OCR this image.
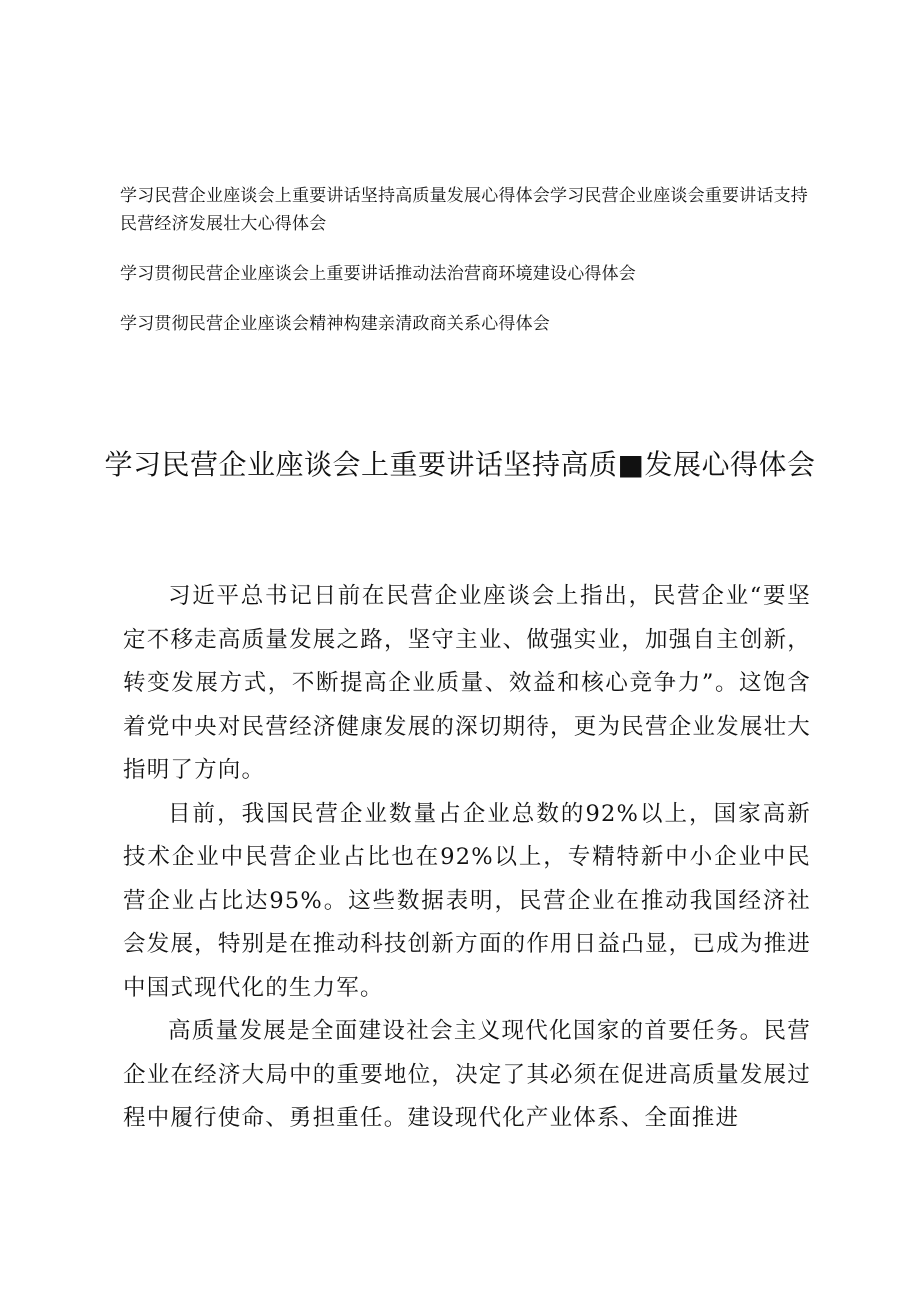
学习民营企业座谈会上重要讲话坚持高质量发展心得体会学习民营企业座谈会重要讲话支持民营经济发展壮大心得体会
学习贯彻民营企业座谈会上重要讲话推动法治营商环境建设心得体会
学习贯彻民营企业座谈会精神构建亲清政商关系心得体会
学习民营企业座谈会上重要讲话坚持高质■发展心得体会

习近平总书记日前在民营企业座谈会上指出，民营企业“要坚定不移走高质量发展之路，坚守主业、做强实业，加强自主创新，转变发展方式，不断提高企业质量、效益和核心竞争力”。这饱含着党中央对民营经济健康发展的深切期待，更为民营企业发展壮大指明了方向。

目前，我国民营企业数量占企业总数的92%以上，国家高新技术企业中民营企业占比也在92%以上，专精特新中小企业中民营企业占比达95%。这些数据表明，民营企业在推动我国经济社会发展，特别是在推动科技创新方面的作用日益凸显，已成为推进中国式现代化的生力军。

高质量发展是全面建设社会主义现代化国家的首要任务。民营企业在经济大局中的重要地位，决定了其必须在促进高质量发展过程中履行使命、勇担重任。建设现代化产业体系、全面推进
